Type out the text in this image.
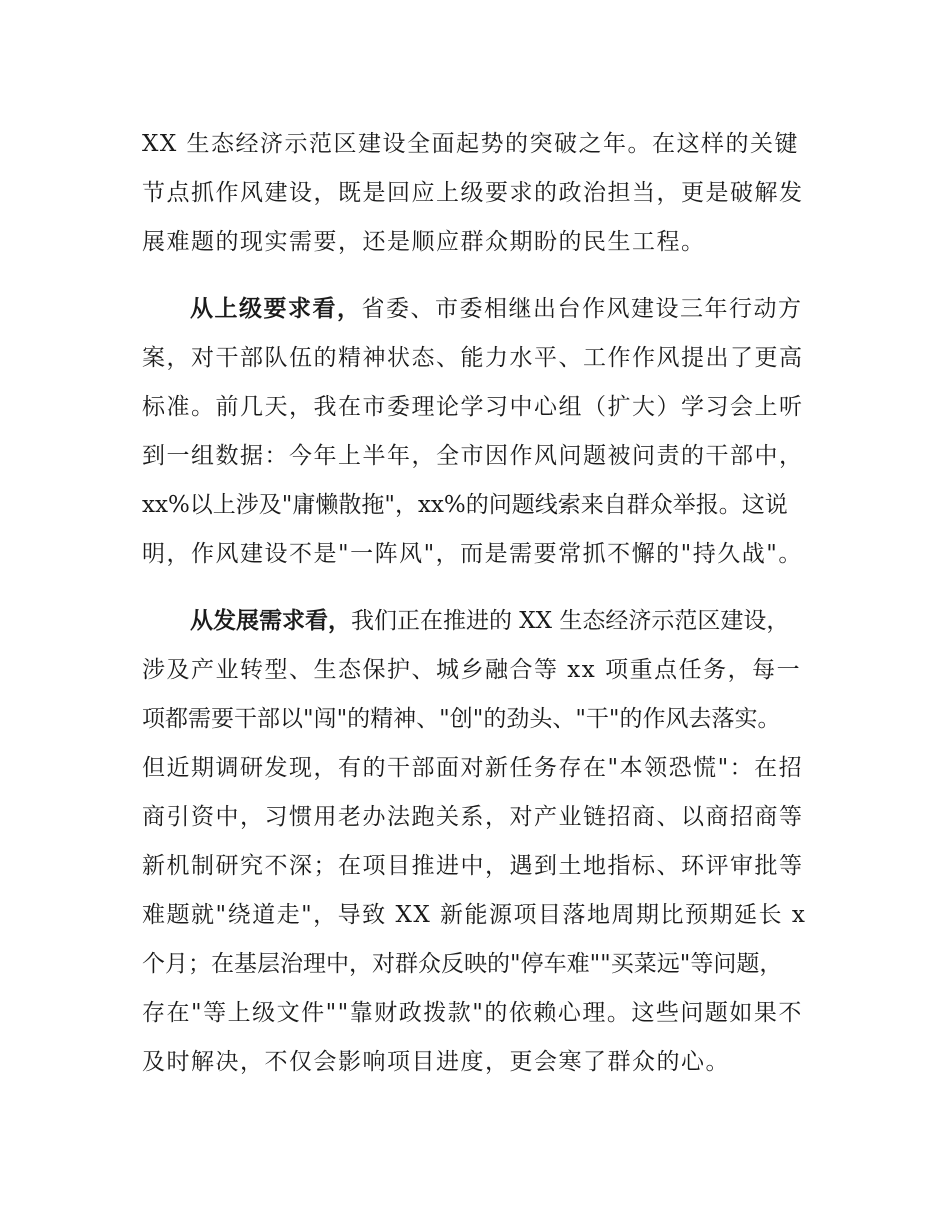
XX 生态经济示范区建设全面起势的突破之年。在这样的关键
节点抓作风建设，既是回应上级要求的政治担当，更是破解发
展难题的现实需要，还是顺应群众期盼的民生工程。
从上级要求看，省委、市委相继出台作风建设三年行动方
案，对干部队伍的精神状态、能力水平、工作作风提出了更高
标准。前几天，我在市委理论学习中心组（扩大）学习会上听
到一组数据：今年上半年，全市因作风问题被问责的干部中，
xx%以上涉及"庸懒散拖"，xx%的问题线索来自群众举报。这说
明，作风建设不是"一阵风"，而是需要常抓不懈的"持久战"。
从发展需求看，我们正在推进的 XX 生态经济示范区建设，
涉及产业转型、生态保护、城乡融合等 xx 项重点任务，每一
项都需要干部以"闯"的精神、"创"的劲头、"干"的作风去落实。
但近期调研发现，有的干部面对新任务存在"本领恐慌"：在招
商引资中，习惯用老办法跑关系，对产业链招商、以商招商等
新机制研究不深；在项目推进中，遇到土地指标、环评审批等
难题就"绕道走"，导致 XX 新能源项目落地周期比预期延长 x
个月；在基层治理中，对群众反映的"停车难""买菜远"等问题，
存在"等上级文件""靠财政拨款"的依赖心理。这些问题如果不
及时解决，不仅会影响项目进度，更会寒了群众的心。
